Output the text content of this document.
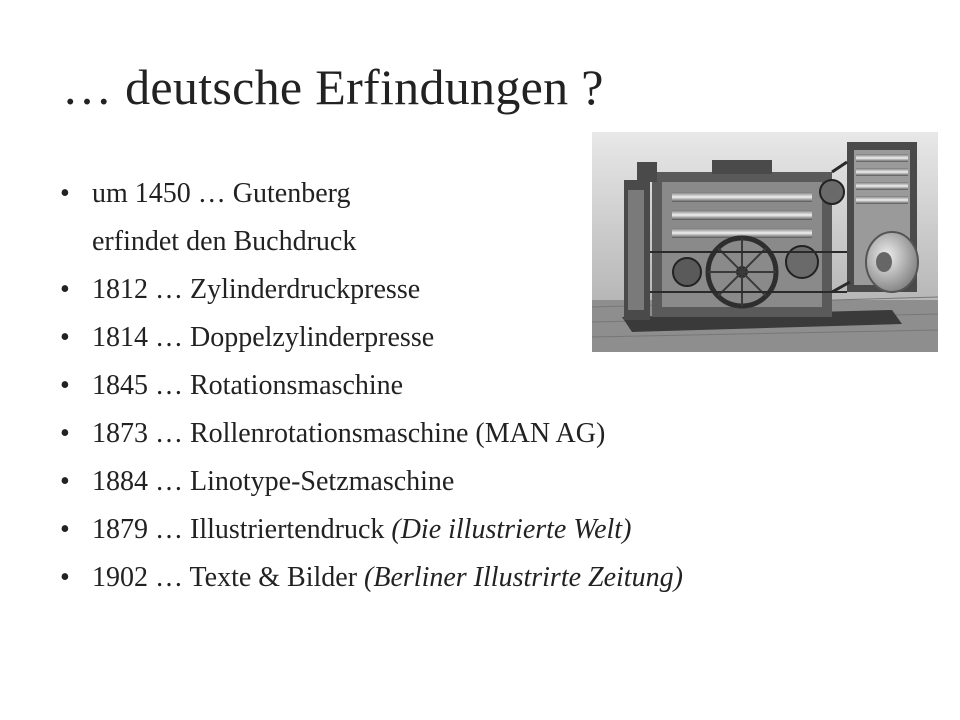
… deutsche Erfindungen ?
• um 1450 … Gutenberg
erfindet den Buchdruck
• 1812 … Zylinderdruckpresse
• 1814 … Doppelzylinderpresse
• 1845 … Rotationsmaschine
• 1873 … Rollenrotationsmaschine (MAN AG)
• 1884 … Linotype-Setzmaschine
• 1879 … Illustriertendruck (Die illustrierte Welt)
• 1902 … Texte & Bilder (Berliner Illustrirte Zeitung)
